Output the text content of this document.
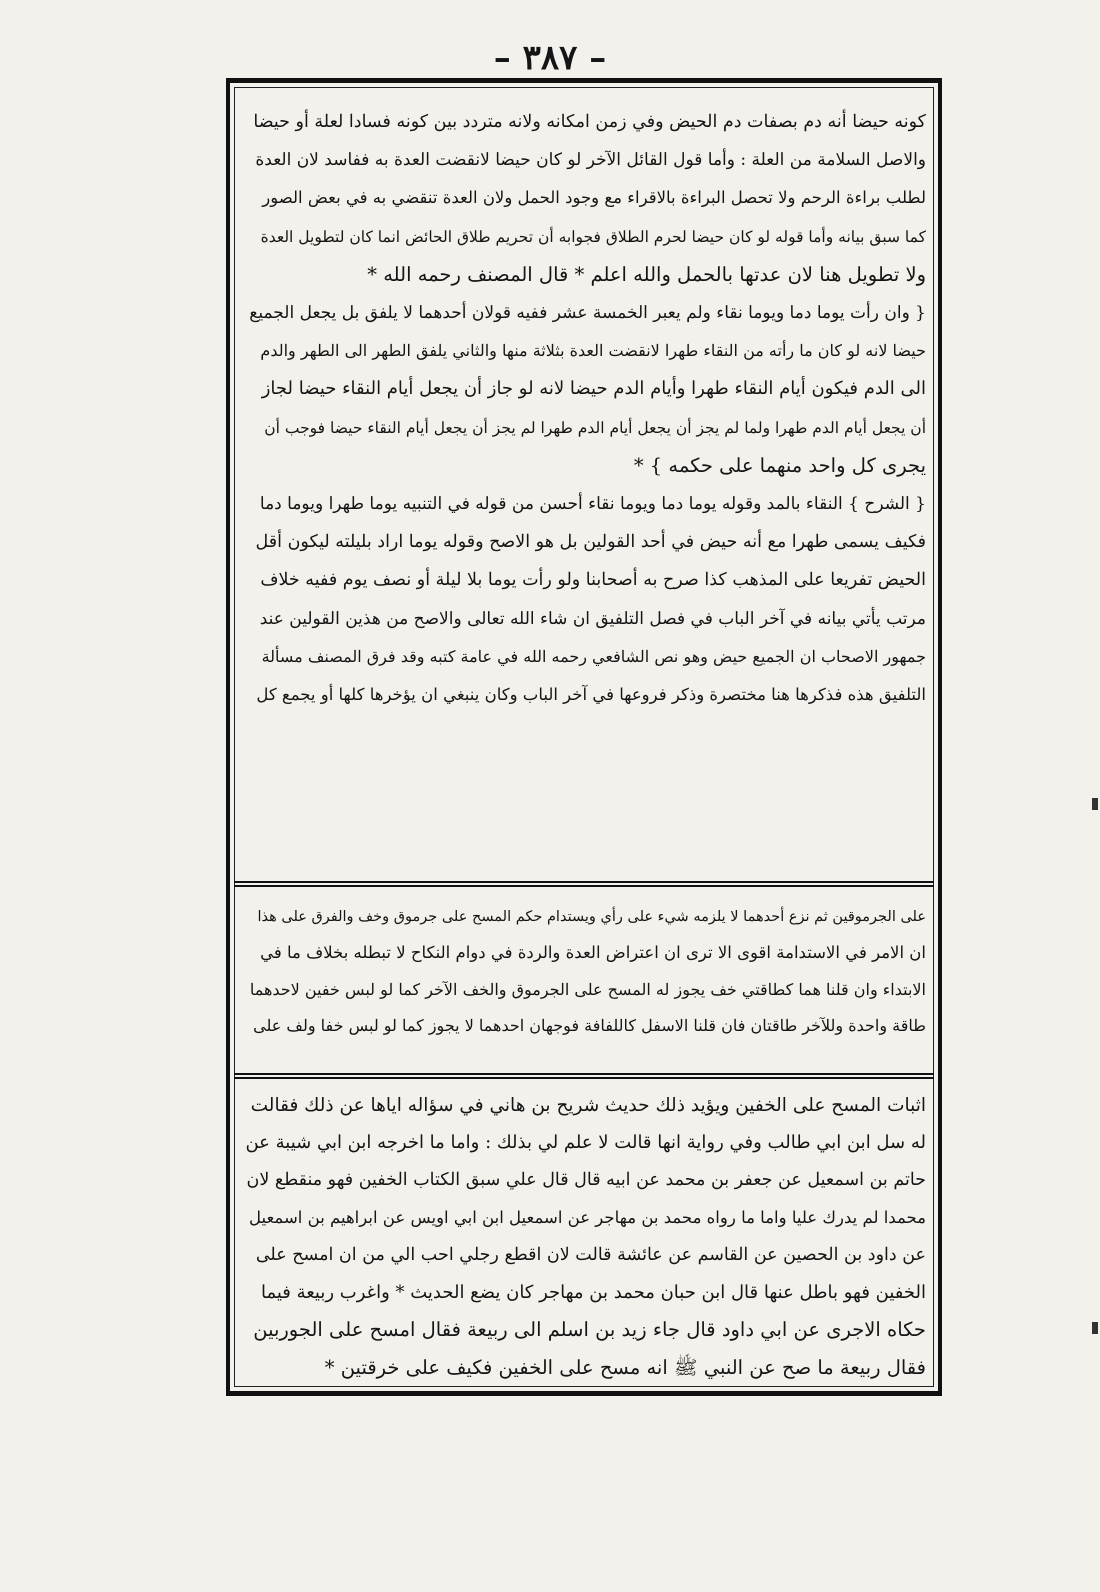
– ٣٨٧ –
كونه حيضا أنه دم بصفات دم الحيض وفي زمن امكانه ولانه متردد بين كونه فسادا لعلة أو حيضا
والاصل السلامة من العلة : وأما قول القائل الآخر لو كان حيضا لانقضت العدة به ففاسد لان العدة
لطلب براءة الرحم ولا تحصل البراءة بالاقراء مع وجود الحمل ولان العدة تنقضي به في بعض الصور
كما سبق بيانه وأما قوله لو كان حيضا لحرم الطلاق فجوابه أن تحريم طلاق الحائض انما كان لتطويل العدة
ولا تطويل هنا لان عدتها بالحمل والله اعلم * قال المصنف رحمه الله *
{ وان رأت يوما دما ويوما نقاء ولم يعبر الخمسة عشر ففيه قولان أحدهما لا يلفق بل يجعل الجميع
حيضا لانه لو كان ما رأته من النقاء طهرا لانقضت العدة بثلاثة منها والثاني يلفق الطهر الى الطهر والدم
الى الدم فيكون أيام النقاء طهرا وأيام الدم حيضا لانه لو جاز أن يجعل أيام النقاء حيضا لجاز
أن يجعل أيام الدم طهرا ولما لم يجز أن يجعل أيام الدم طهرا لم يجز أن يجعل أيام النقاء حيضا فوجب أن
يجرى كل واحد منهما على حكمه } *
{ الشرح } النقاء بالمد وقوله يوما دما ويوما نقاء أحسن من قوله في التنبيه يوما طهرا ويوما دما
فكيف يسمى طهرا مع أنه حيض في أحد القولين بل هو الاصح وقوله يوما اراد بليلته ليكون أقل
الحيض تفريعا على المذهب كذا صرح به أصحابنا ولو رأت يوما بلا ليلة أو نصف يوم ففيه خلاف
مرتب يأتي بيانه في آخر الباب في فصل التلفيق ان شاء الله تعالى والاصح من هذين القولين عند
جمهور الاصحاب ان الجميع حيض وهو نص الشافعي رحمه الله في عامة كتبه وقد فرق المصنف مسألة
التلفيق هذه فذكرها هنا مختصرة وذكر فروعها في آخر الباب وكان ينبغي ان يؤخرها كلها أو يجمع كل
على الجرموقين ثم نزع أحدهما لا يلزمه شيء على رأي ويستدام حكم المسح على جرموق وخف والفرق على هذا
ان الامر في الاستدامة اقوى الا ترى ان اعتراض العدة والردة في دوام النكاح لا تبطله بخلاف ما في
الابتداء وان قلنا هما كطاقتي خف يجوز له المسح على الجرموق والخف الآخر كما لو لبس خفين لاحدهما
طاقة واحدة وللآخر طاقتان فان قلنا الاسفل كاللفافة فوجهان احدهما لا يجوز كما لو لبس خفا ولف على
اثبات المسح على الخفين ويؤيد ذلك حديث شريح بن هاني في سؤاله اياها عن ذلك فقالت
له سل ابن ابي طالب وفي رواية انها قالت لا علم لي بذلك : واما ما اخرجه ابن ابي شيبة عن
حاتم بن اسمعيل عن جعفر بن محمد عن ابيه قال قال علي سبق الكتاب الخفين فهو منقطع لان
محمدا لم يدرك عليا واما ما رواه محمد بن مهاجر عن اسمعيل ابن ابي اويس عن ابراهيم بن اسمعيل
عن داود بن الحصين عن القاسم عن عائشة قالت لان اقطع رجلي احب الي من ان امسح على
الخفين فهو باطل عنها قال ابن حبان محمد بن مهاجر كان يضع الحديث * واغرب ربيعة فيما
حكاه الاجرى عن ابي داود قال جاء زيد بن اسلم الى ربيعة فقال امسح على الجوربين
فقال ربيعة ما صح عن النبي ﷺ انه مسح على الخفين فكيف على خرقتين *
